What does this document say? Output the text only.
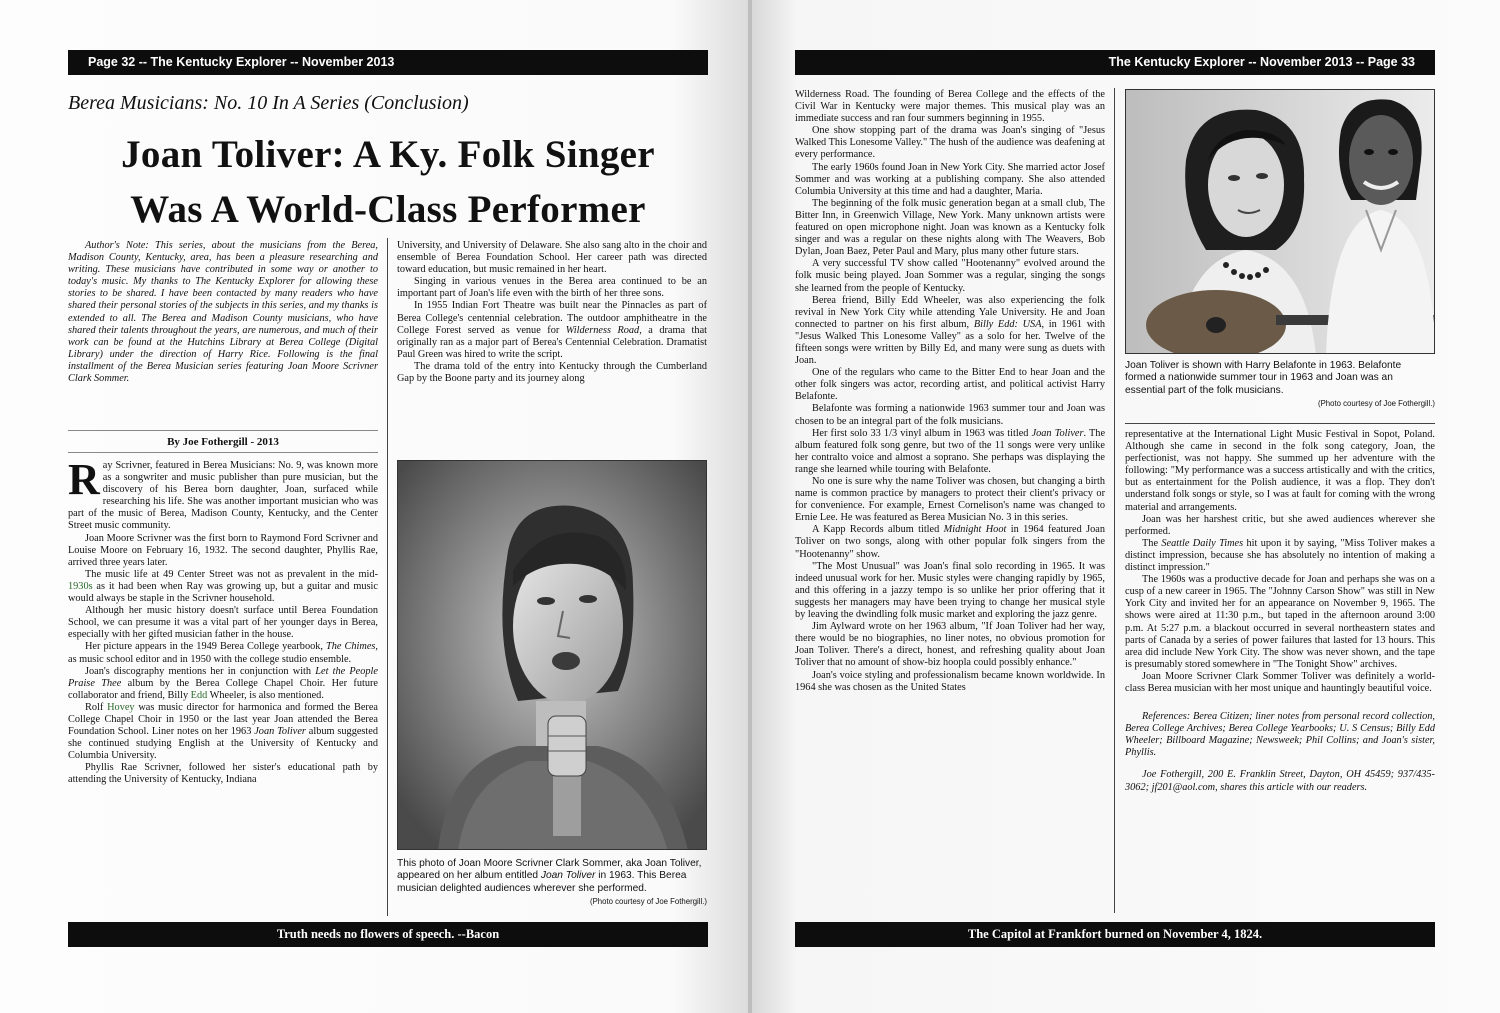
Page 32 -- The Kentucky Explorer -- November 2013
Berea Musicians: No. 10 In A Series (Conclusion)
Joan Toliver: A Ky. Folk Singer
Was A World-Class Performer

Author's Note: This series, about the musicians from the Berea, Madison County, Kentucky, area, has been a pleasure researching and writing. These musicians have contributed in some way or another to today's music. My thanks to The Kentucky Explorer for allowing these stories to be shared. I have been contacted by many readers who have shared their personal stories of the subjects in this series, and my thanks is extended to all. The Berea and Madison County musicians, who have shared their talents throughout the years, are numerous, and much of their work can be found at the Hutchins Library at Berea College (Digital Library) under the direction of Harry Rice. Following is the final installment of the Berea Musician series featuring Joan Moore Scrivner Clark Sommer.

By Joe Fothergill - 2013

Ray Scrivner, featured in Berea Musicians: No. 9, was known more as a songwriter and music publisher than pure musician, but the discovery of his Berea born daughter, Joan, surfaced while researching his life. She was another important musician who was part of the music of Berea, Madison County, Kentucky, and the Center Street music community.

Joan Moore Scrivner was the first born to Raymond Ford Scrivner and Louise Moore on February 16, 1932. The second daughter, Phyllis Rae, arrived three years later.

The music life at 49 Center Street was not as prevalent in the mid-1930s as it had been when Ray was growing up, but a guitar and music would always be staple in the Scrivner household.

Although her music history doesn't surface until Berea Foundation School, we can presume it was a vital part of her younger days in Berea, especially with her gifted musician father in the house.

Her picture appears in the 1949 Berea College yearbook, The Chimes, as music school editor and in 1950 with the college studio ensemble.

Joan's discography mentions her in conjunction with Let the People Praise Thee album by the Berea College Chapel Choir. Her future collaborator and friend, Billy Edd Wheeler, is also mentioned.

Rolf Hovey was music director for harmonica and formed the Berea College Chapel Choir in 1950 or the last year Joan attended the Berea Foundation School. Liner notes on her 1963 Joan Toliver album suggested she continued studying English at the University of Kentucky and Columbia University.

Phyllis Rae Scrivner, followed her sister's educational path by attending the University of Kentucky, Indiana

University, and University of Delaware. She also sang alto in the choir and ensemble of Berea Foundation School. Her career path was directed toward education, but music remained in her heart.

Singing in various venues in the Berea area continued to be an important part of Joan's life even with the birth of her three sons.

In 1955 Indian Fort Theatre was built near the Pinnacles as part of Berea College's centennial celebration. The outdoor amphitheatre in the College Forest served as venue for Wilderness Road, a drama that originally ran as a major part of Berea's Centennial Celebration. Dramatist Paul Green was hired to write the script.

The drama told of the entry into Kentucky through the Cumberland Gap by the Boone party and its journey along

This photo of Joan Moore Scrivner Clark Sommer, aka Joan Toliver, appeared on her album entitled Joan Toliver in 1963. This Berea musician delighted audiences wherever she performed.
(Photo courtesy of Joe Fothergill.)
Truth needs no flowers of speech. --Bacon
The Kentucky Explorer -- November 2013 -- Page 33

Wilderness Road. The founding of Berea College and the effects of the Civil War in Kentucky were major themes. This musical play was an immediate success and ran four summers beginning in 1955.

One show stopping part of the drama was Joan's singing of "Jesus Walked This Lonesome Valley." The hush of the audience was deafening at every performance.

The early 1960s found Joan in New York City. She married actor Josef Sommer and was working at a publishing company. She also attended Columbia University at this time and had a daughter, Maria.

The beginning of the folk music generation began at a small club, The Bitter Inn, in Greenwich Village, New York. Many unknown artists were featured on open microphone night. Joan was known as a Kentucky folk singer and was a regular on these nights along with The Weavers, Bob Dylan, Joan Baez, Peter Paul and Mary, plus many other future stars.

A very successful TV show called "Hootenanny" evolved around the folk music being played. Joan Sommer was a regular, singing the songs she learned from the people of Kentucky.

Berea friend, Billy Edd Wheeler, was also experiencing the folk revival in New York City while attending Yale University. He and Joan connected to partner on his first album, Billy Edd: USA, in 1961 with "Jesus Walked This Lonesome Valley" as a solo for her. Twelve of the fifteen songs were written by Billy Ed, and many were sung as duets with Joan.

One of the regulars who came to the Bitter End to hear Joan and the other folk singers was actor, recording artist, and political activist Harry Belafonte.

Belafonte was forming a nationwide 1963 summer tour and Joan was chosen to be an integral part of the folk musicians.

Her first solo 33 1/3 vinyl album in 1963 was titled Joan Toliver. The album featured folk song genre, but two of the 11 songs were very unlike her contralto voice and almost a soprano. She perhaps was displaying the range she learned while touring with Belafonte.

No one is sure why the name Toliver was chosen, but changing a birth name is common practice by managers to protect their client's privacy or for convenience. For example, Ernest Cornelison's name was changed to Ernie Lee. He was featured as Berea Musician No. 3 in this series.

A Kapp Records album titled Midnight Hoot in 1964 featured Joan Toliver on two songs, along with other popular folk singers from the "Hootenanny" show.

"The Most Unusual" was Joan's final solo recording in 1965. It was indeed unusual work for her. Music styles were changing rapidly by 1965, and this offering in a jazzy tempo is so unlike her prior offering that it suggests her managers may have been trying to change her musical style by leaving the dwindling folk music market and exploring the jazz genre.

Jim Aylward wrote on her 1963 album, "If Joan Toliver had her way, there would be no biographies, no liner notes, no obvious promotion for Joan Toliver. There's a direct, honest, and refreshing quality about Joan Toliver that no amount of show-biz hoopla could possibly enhance."

Joan's voice styling and professionalism became known worldwide. In 1964 she was chosen as the United States

Joan Toliver is shown with Harry Belafonte in 1963. Belafonte formed a nationwide summer tour in 1963 and Joan was an essential part of the folk musicians.
(Photo courtesy of Joe Fothergill.)

representative at the International Light Music Festival in Sopot, Poland. Although she came in second in the folk song category, Joan, the perfectionist, was not happy. She summed up her adventure with the following: "My performance was a success artistically and with the critics, but as entertainment for the Polish audience, it was a flop. They don't understand folk songs or style, so I was at fault for coming with the wrong material and arrangements.

Joan was her harshest critic, but she awed audiences wherever she performed.

The Seattle Daily Times hit upon it by saying, "Miss Toliver makes a distinct impression, because she has absolutely no intention of making a distinct impression."

The 1960s was a productive decade for Joan and perhaps she was on a cusp of a new career in 1965. The "Johnny Carson Show" was still in New York City and invited her for an appearance on November 9, 1965. The shows were aired at 11:30 p.m., but taped in the afternoon around 3:00 p.m. At 5:27 p.m. a blackout occurred in several northeastern states and parts of Canada by a series of power failures that lasted for 13 hours. This area did include New York City. The show was never shown, and the tape is presumably stored somewhere in "The Tonight Show" archives.

Joan Moore Scrivner Clark Sommer Toliver was definitely a world-class Berea musician with her most unique and hauntingly beautiful voice.

References: Berea Citizen; liner notes from personal record collection, Berea College Archives; Berea College Yearbooks; U. S Census; Billy Edd Wheeler; Billboard Magazine; Newsweek; Phil Collins; and Joan's sister, Phyllis.

Joe Fothergill, 200 E. Franklin Street, Dayton, OH 45459; 937/435-3062; jf201@aol.com, shares this article with our readers.

The Capitol at Frankfort burned on November 4, 1824.
